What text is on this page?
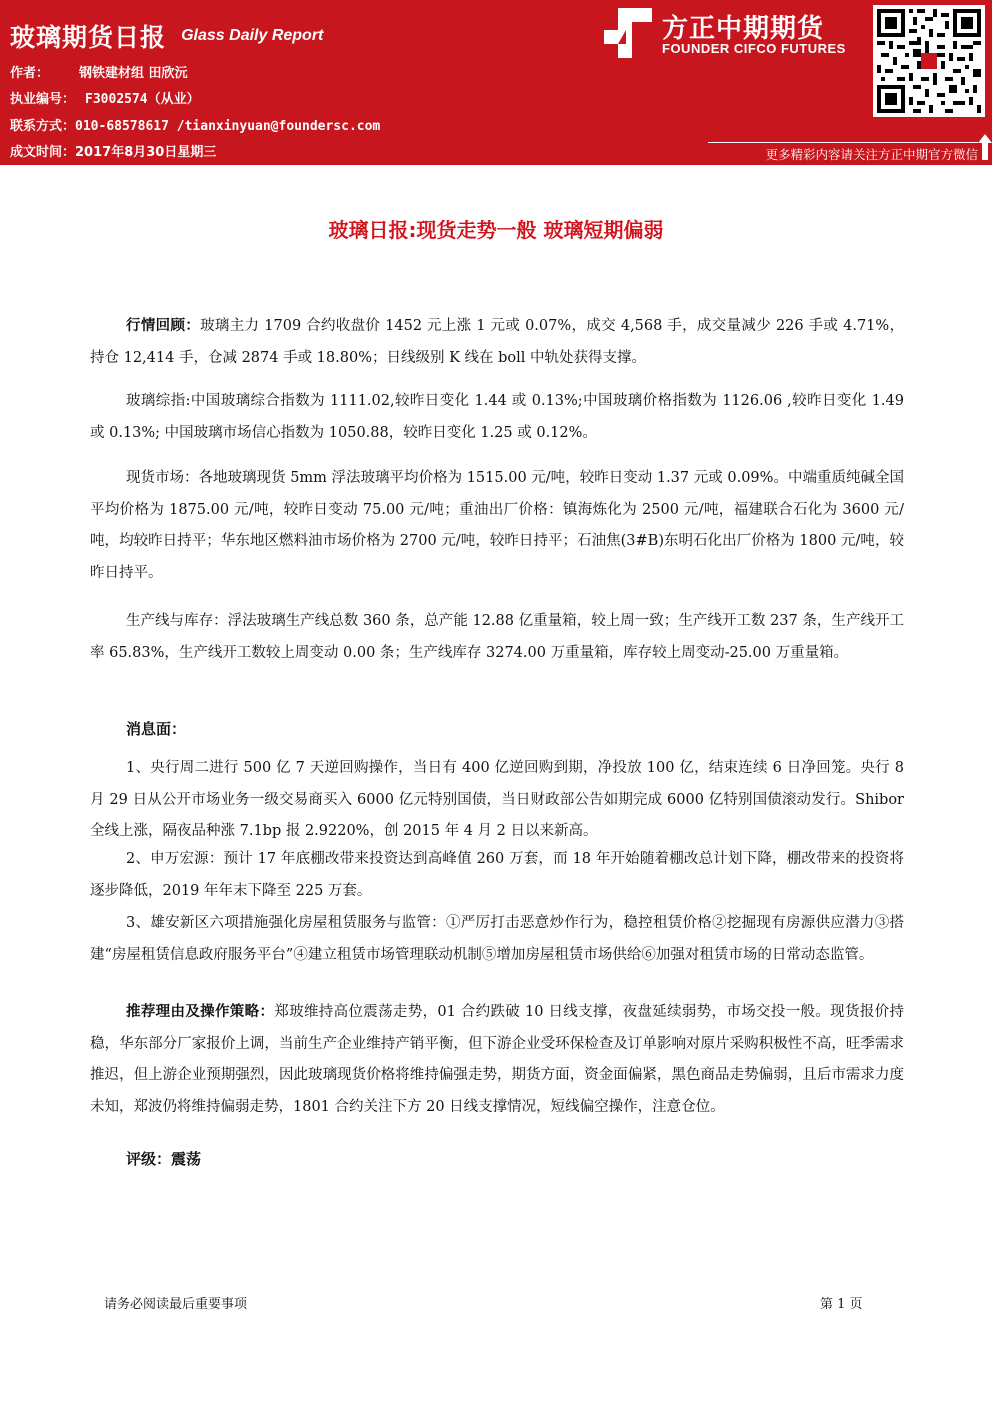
玻璃期货日报 Glass Daily Report
作者： 钢铁建材组 田欣沅
执业编号： F3002574（从业）
联系方式：010-68578617 /tianxinyuan@foundersc.com
成文时间：2017年8月30日星期三
方正中期期货
FOUNDER CIFCO FUTURES
更多精彩内容请关注方正中期官方微信
玻璃日报:现货走势一般 玻璃短期偏弱

行情回顾：玻璃主力 1709 合约收盘价 1452 元上涨 1 元或 0.07%，成交 4,568 手，成交量减少 226 手或 4.71%，持仓 12,414 手，仓减 2874 手或 18.80%；日线级别 K 线在 boll 中轨处获得支撑。

玻璃综指:中国玻璃综合指数为 1111.02,较昨日变化 1.44 或 0.13%;中国玻璃价格指数为 1126.06 ,较昨日变化 1.49 或 0.13%; 中国玻璃市场信心指数为 1050.88，较昨日变化 1.25 或 0.12%。

现货市场：各地玻璃现货 5mm 浮法玻璃平均价格为 1515.00 元/吨，较昨日变动 1.37 元或 0.09%。中端重质纯碱全国平均价格为 1875.00 元/吨，较昨日变动 75.00 元/吨；重油出厂价格：镇海炼化为 2500 元/吨，福建联合石化为 3600 元/吨，均较昨日持平；华东地区燃料油市场价格为 2700 元/吨，较昨日持平；石油焦(3#B)东明石化出厂价格为 1800 元/吨，较昨日持平。

生产线与库存：浮法玻璃生产线总数 360 条，总产能 12.88 亿重量箱，较上周一致；生产线开工数 237 条，生产线开工率 65.83%，生产线开工数较上周变动 0.00 条；生产线库存 3274.00 万重量箱，库存较上周变动-25.00 万重量箱。

消息面：

1、央行周二进行 500 亿 7 天逆回购操作，当日有 400 亿逆回购到期，净投放 100 亿，结束连续 6 日净回笼。央行 8 月 29 日从公开市场业务一级交易商买入 6000 亿元特别国债，当日财政部公告如期完成 6000 亿特别国债滚动发行。Shibor 全线上涨，隔夜品种涨 7.1bp 报 2.9220%，创 2015 年 4 月 2 日以来新高。

2、申万宏源：预计 17 年底棚改带来投资达到高峰值 260 万套，而 18 年开始随着棚改总计划下降，棚改带来的投资将逐步降低，2019 年年末下降至 225 万套。

3、雄安新区六项措施强化房屋租赁服务与监管：①严厉打击恶意炒作行为，稳控租赁价格②挖掘现有房源供应潜力③搭建“房屋租赁信息政府服务平台”④建立租赁市场管理联动机制⑤增加房屋租赁市场供给⑥加强对租赁市场的日常动态监管。

推荐理由及操作策略：郑玻维持高位震荡走势，01 合约跌破 10 日线支撑，夜盘延续弱势，市场交投一般。现货报价持稳，华东部分厂家报价上调，当前生产企业维持产销平衡，但下游企业受环保检查及订单影响对原片采购积极性不高，旺季需求推迟，但上游企业预期强烈，因此玻璃现货价格将维持偏强走势，期货方面，资金面偏紧，黑色商品走势偏弱，且后市需求力度未知，郑波仍将维持偏弱走势，1801 合约关注下方 20 日线支撑情况，短线偏空操作，注意仓位。

评级：震荡
请务必阅读最后重要事项	第 1 页
